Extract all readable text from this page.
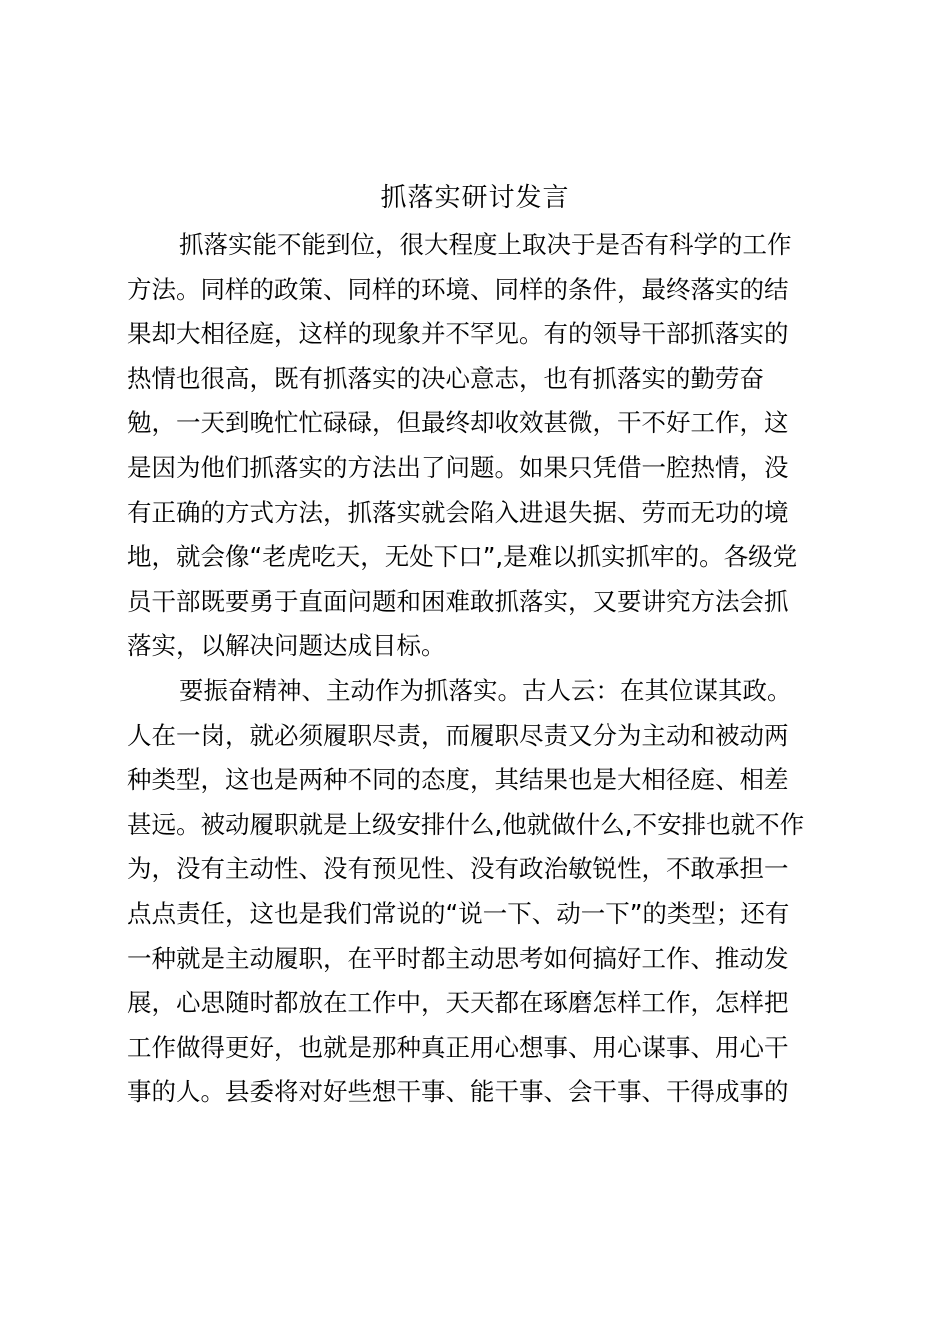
抓落实研讨发言
抓落实能不能到位，很大程度上取决于是否有科学的工作
方法。同样的政策、同样的环境、同样的条件，最终落实的结
果却大相径庭，这样的现象并不罕见。有的领导干部抓落实的
热情也很高，既有抓落实的决心意志，也有抓落实的勤劳奋
勉，一天到晚忙忙碌碌，但最终却收效甚微，干不好工作，这
是因为他们抓落实的方法出了问题。如果只凭借一腔热情，没
有正确的方式方法，抓落实就会陷入进退失据、劳而无功的境
地，就会像“老虎吃天，无处下口”,是难以抓实抓牢的。各级党
员干部既要勇于直面问题和困难敢抓落实，又要讲究方法会抓
落实，以解决问题达成目标。
要振奋精神、主动作为抓落实。古人云：在其位谋其政。
人在一岗，就必须履职尽责，而履职尽责又分为主动和被动两
种类型，这也是两种不同的态度，其结果也是大相径庭、相差
甚远。被动履职就是上级安排什么,他就做什么,不安排也就不作
为，没有主动性、没有预见性、没有政治敏锐性，不敢承担一
点点责任，这也是我们常说的“说一下、动一下”的类型；还有
一种就是主动履职，在平时都主动思考如何搞好工作、推动发
展，心思随时都放在工作中，天天都在琢磨怎样工作，怎样把
工作做得更好，也就是那种真正用心想事、用心谋事、用心干
事的人。县委将对好些想干事、能干事、会干事、干得成事的
